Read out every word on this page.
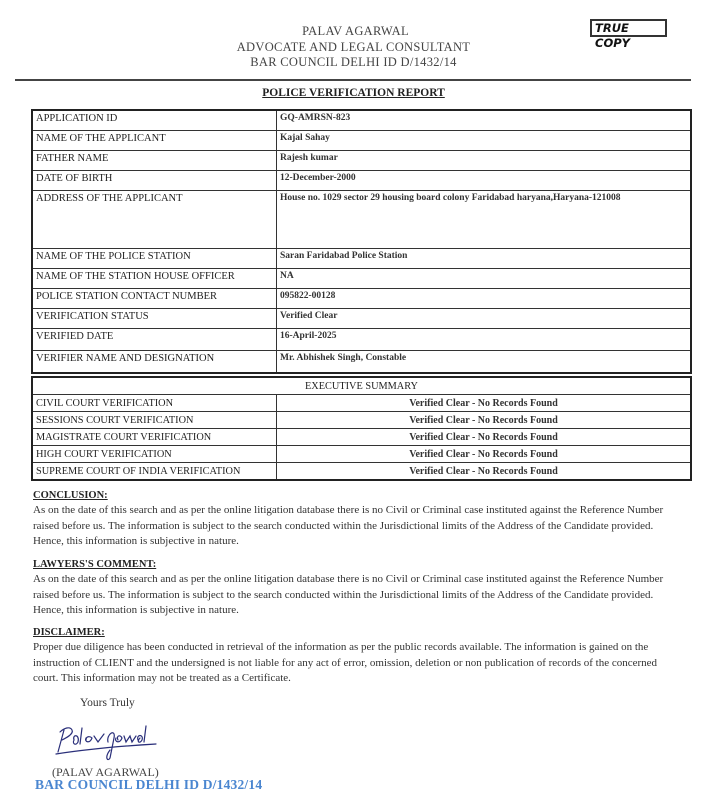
PALAV AGARWAL
ADVOCATE AND LEGAL CONSULTANT
BAR COUNCIL DELHI ID D/1432/14
TRUE COPY
POLICE VERIFICATION REPORT
APPLICATION ID	GQ-AMRSN-823
NAME OF THE APPLICANT	Kajal Sahay
FATHER NAME	Rajesh kumar
DATE OF BIRTH	12-December-2000
ADDRESS OF THE APPLICANT	House no. 1029 sector 29 housing board colony Faridabad haryana,Haryana-121008
NAME OF THE POLICE STATION	Saran Faridabad Police Station
NAME OF THE STATION HOUSE OFFICER	NA
POLICE STATION CONTACT NUMBER	095822-00128
VERIFICATION STATUS	Verified Clear
VERIFIED DATE	16-April-2025
VERIFIER NAME AND DESIGNATION	Mr. Abhishek Singh, Constable
EXECUTIVE SUMMARY	
CIVIL COURT VERIFICATION	Verified Clear - No Records Found
SESSIONS COURT VERIFICATION	Verified Clear - No Records Found
MAGISTRATE COURT VERIFICATION	Verified Clear - No Records Found
HIGH COURT VERIFICATION	Verified Clear - No Records Found
SUPREME COURT OF INDIA VERIFICATION	Verified Clear - No Records Found
CONCLUSION:
As on the date of this search and as per the online litigation database there is no Civil or Criminal case instituted against the Reference Number raised before us. The information is subject to the search conducted within the Jurisdictional limits of the Address of the Candidate provided. Hence, this information is subjective in nature.
LAWYERS'S COMMENT:
As on the date of this search and as per the online litigation database there is no Civil or Criminal case instituted against the Reference Number raised before us. The information is subject to the search conducted within the Jurisdictional limits of the Address of the Candidate provided. Hence, this information is subjective in nature.
DISCLAIMER:
Proper due diligence has been conducted in retrieval of the information as per the public records available. The information is gained on the instruction of CLIENT and the undersigned is not liable for any act of error, omission, deletion or non publication of records of the concerned court. This information may not be treated as a Certificate.
Yours Truly
(PALAV AGARWAL)
BAR COUNCIL DELHI ID D/1432/14
